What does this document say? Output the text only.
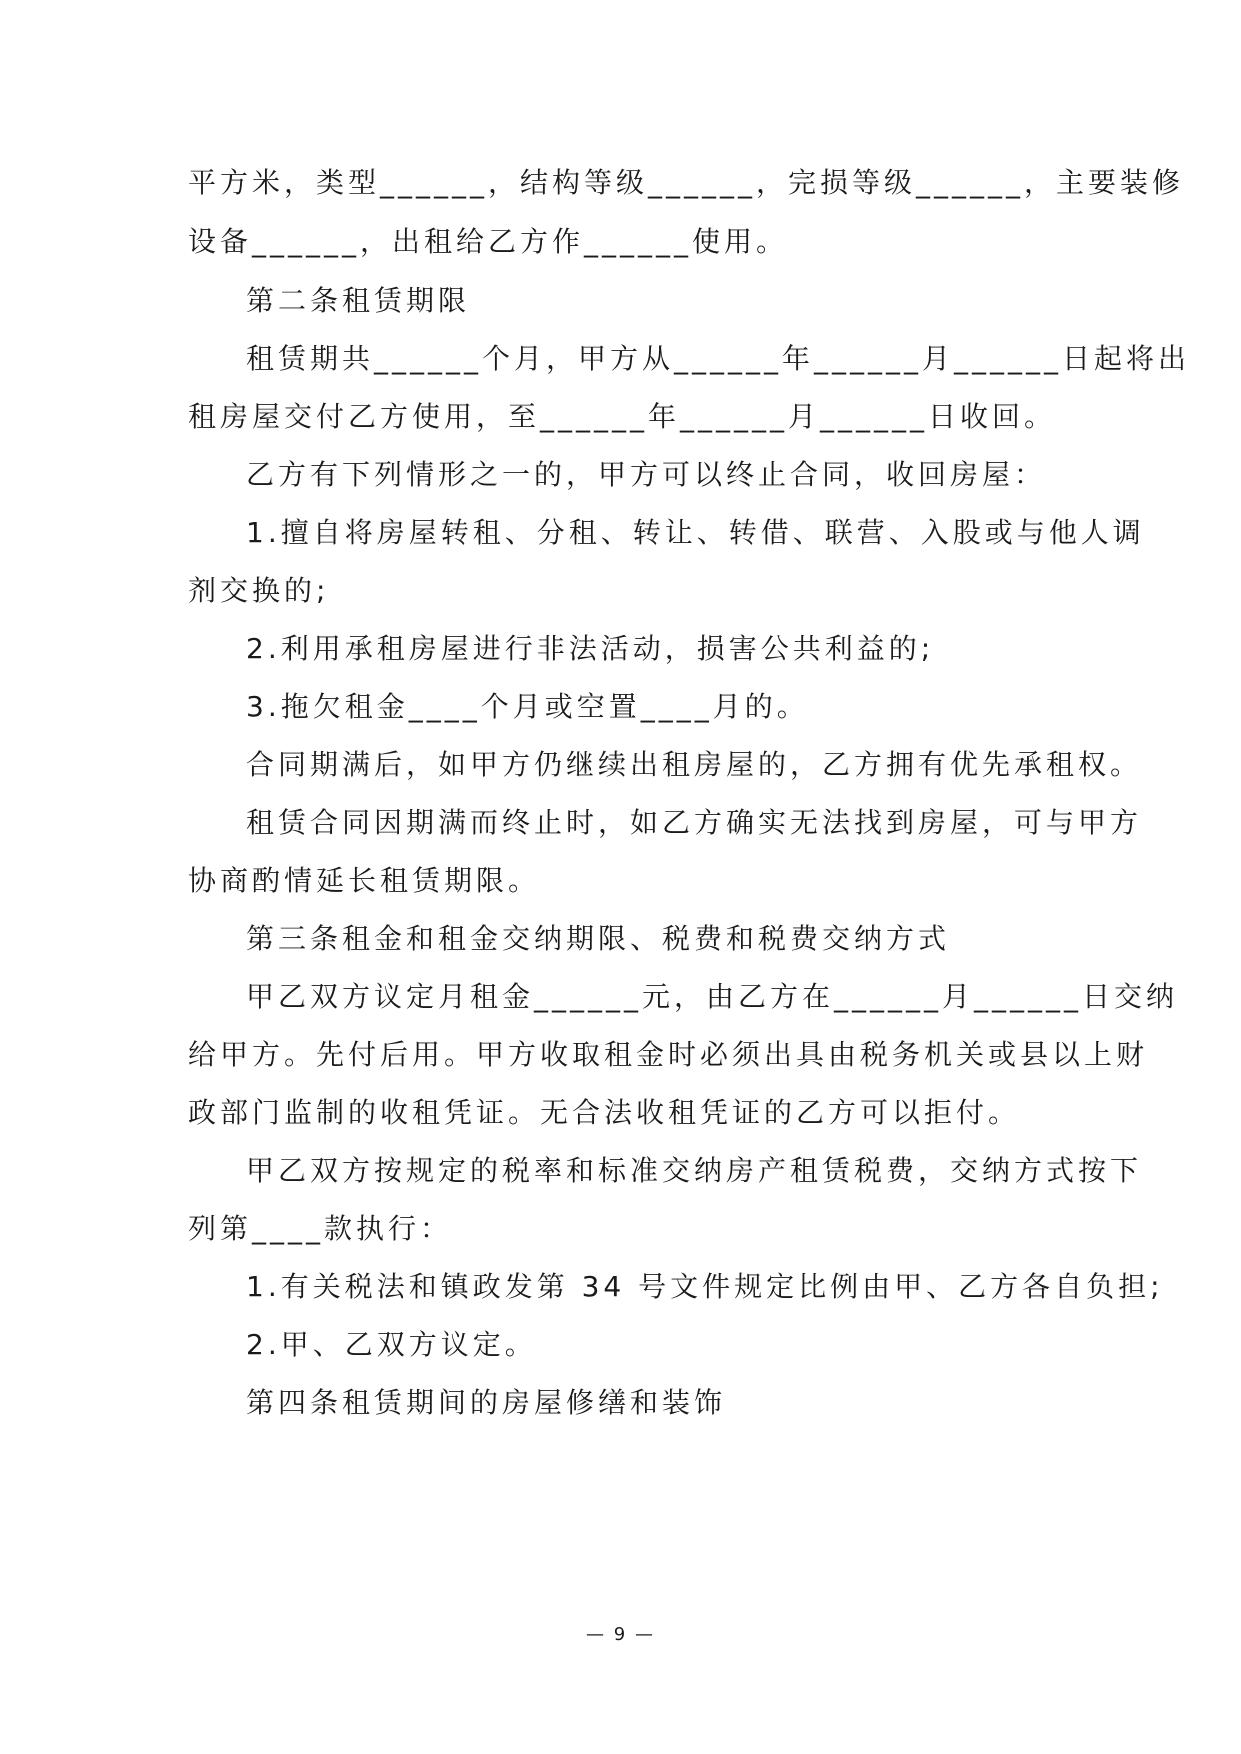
平方米，类型______，结构等级______，完损等级______，主要装修
设备______，出租给乙方作______使用。
第二条租赁期限
租赁期共______个月，甲方从______年______月______日起将出
租房屋交付乙方使用，至______年______月______日收回。
乙方有下列情形之一的，甲方可以终止合同，收回房屋：
1.擅自将房屋转租、分租、转让、转借、联营、入股或与他人调
剂交换的;
2.利用承租房屋进行非法活动，损害公共利益的;
3.拖欠租金____个月或空置____月的。
合同期满后，如甲方仍继续出租房屋的，乙方拥有优先承租权。
租赁合同因期满而终止时，如乙方确实无法找到房屋，可与甲方
协商酌情延长租赁期限。
第三条租金和租金交纳期限、税费和税费交纳方式
甲乙双方议定月租金______元，由乙方在______月______日交纳
给甲方。先付后用。甲方收取租金时必须出具由税务机关或县以上财
政部门监制的收租凭证。无合法收租凭证的乙方可以拒付。
甲乙双方按规定的税率和标准交纳房产租赁税费，交纳方式按下
列第____款执行：
1.有关税法和镇政发第 34 号文件规定比例由甲、乙方各自负担;
2.甲、乙双方议定。
第四条租赁期间的房屋修缮和装饰
— 9 —
